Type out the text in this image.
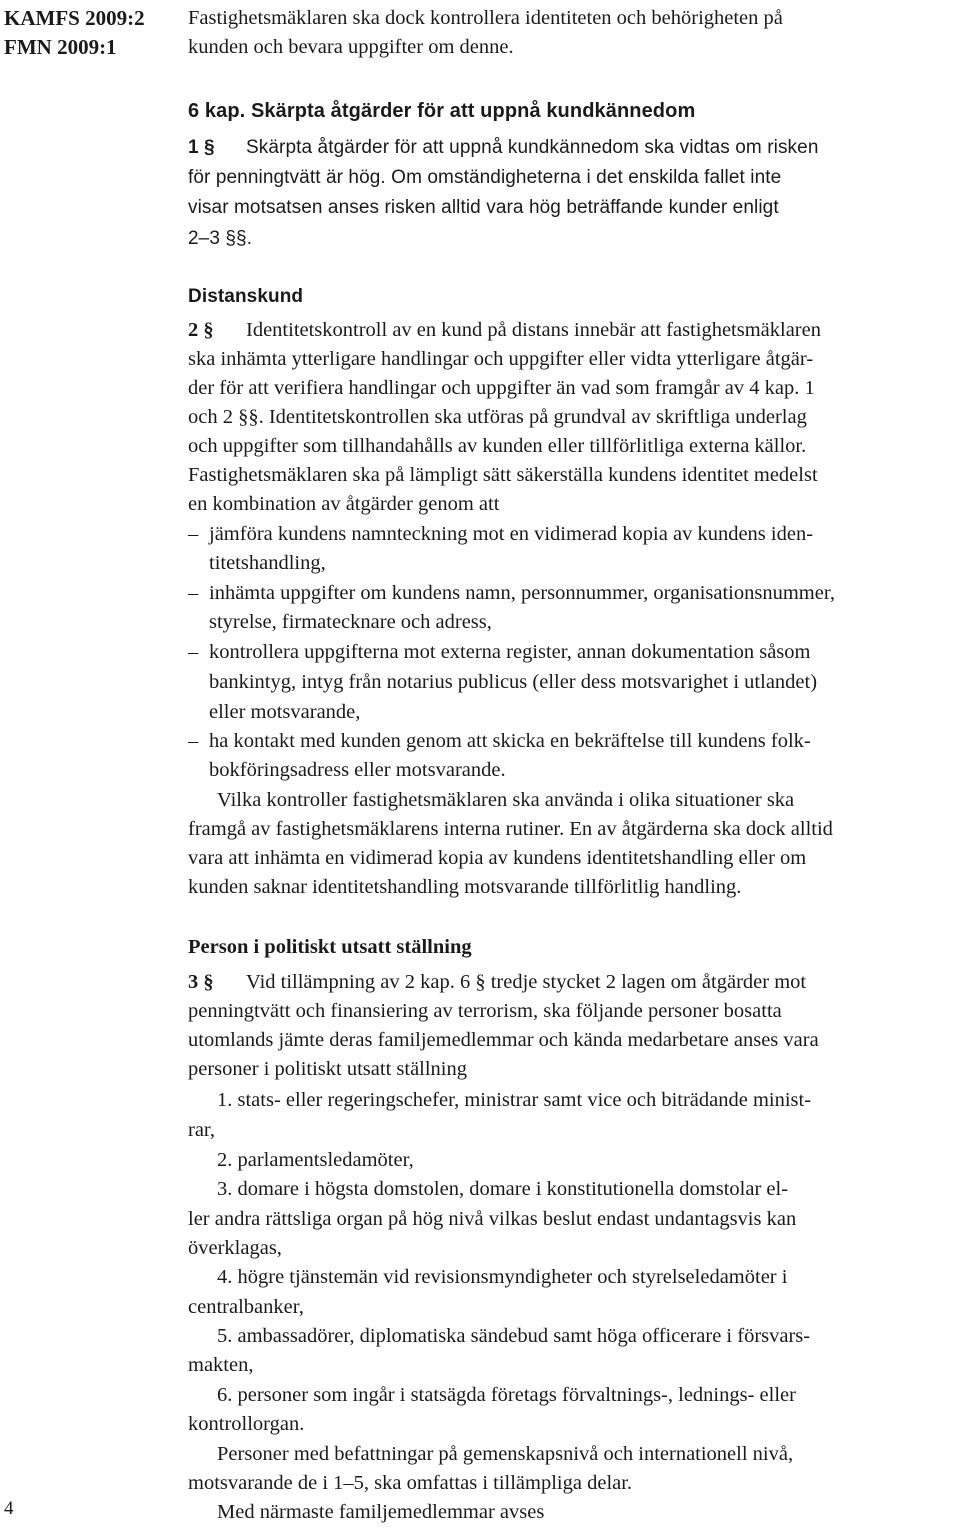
KAMFS 2009:2
FMN 2009:1
Fastighetsmäklaren ska dock kontrollera identiteten och behörigheten på
kunden och bevara uppgifter om denne.
6 kap. Skärpta åtgärder för att uppnå kundkännedom
1 § Skärpta åtgärder för att uppnå kundkännedom ska vidtas om risken
för penningtvätt är hög. Om omständigheterna i det enskilda fallet inte
visar motsatsen anses risken alltid vara hög beträffande kunder enligt
2–3 §§.
Distanskund
2 § Identitetskontroll av en kund på distans innebär att fastighetsmäklaren
ska inhämta ytterligare handlingar och uppgifter eller vidta ytterligare åtgär-
der för att verifiera handlingar och uppgifter än vad som framgår av 4 kap. 1
och 2 §§. Identitetskontrollen ska utföras på grundval av skriftliga underlag
och uppgifter som tillhandahålls av kunden eller tillförlitliga externa källor.
Fastighetsmäklaren ska på lämpligt sätt säkerställa kundens identitet medelst
en kombination av åtgärder genom att
– jämföra kundens namnteckning mot en vidimerad kopia av kundens iden-
titetshandling,
– inhämta uppgifter om kundens namn, personnummer, organisationsnummer,
styrelse, firmatecknare och adress,
– kontrollera uppgifterna mot externa register, annan dokumentation såsom
bankintyg, intyg från notarius publicus (eller dess motsvarighet i utlandet)
eller motsvarande,
– ha kontakt med kunden genom att skicka en bekräftelse till kundens folk-
bokföringsadress eller motsvarande.
Vilka kontroller fastighetsmäklaren ska använda i olika situationer ska
framgå av fastighetsmäklarens interna rutiner. En av åtgärderna ska dock alltid
vara att inhämta en vidimerad kopia av kundens identitetshandling eller om
kunden saknar identitetshandling motsvarande tillförlitlig handling.
Person i politiskt utsatt ställning
3 § Vid tillämpning av 2 kap. 6 § tredje stycket 2 lagen om åtgärder mot
penningtvätt och finansiering av terrorism, ska följande personer bosatta
utomlands jämte deras familjemedlemmar och kända medarbetare anses vara
personer i politiskt utsatt ställning
1. stats- eller regeringschefer, ministrar samt vice och biträdande minist-
rar,
2. parlamentsledamöter,
3. domare i högsta domstolen, domare i konstitutionella domstolar el-
ler andra rättsliga organ på hög nivå vilkas beslut endast undantagsvis kan
överklagas,
4. högre tjänstemän vid revisionsmyndigheter och styrelseledamöter i
centralbanker,
5. ambassadörer, diplomatiska sändebud samt höga officerare i försvars-
makten,
6. personer som ingår i statsägda företags förvaltnings-, lednings- eller
kontrollorgan.
Personer med befattningar på gemenskapsnivå och internationell nivå,
motsvarande de i 1–5, ska omfattas i tillämpliga delar.
Med närmaste familjemedlemmar avses
4
